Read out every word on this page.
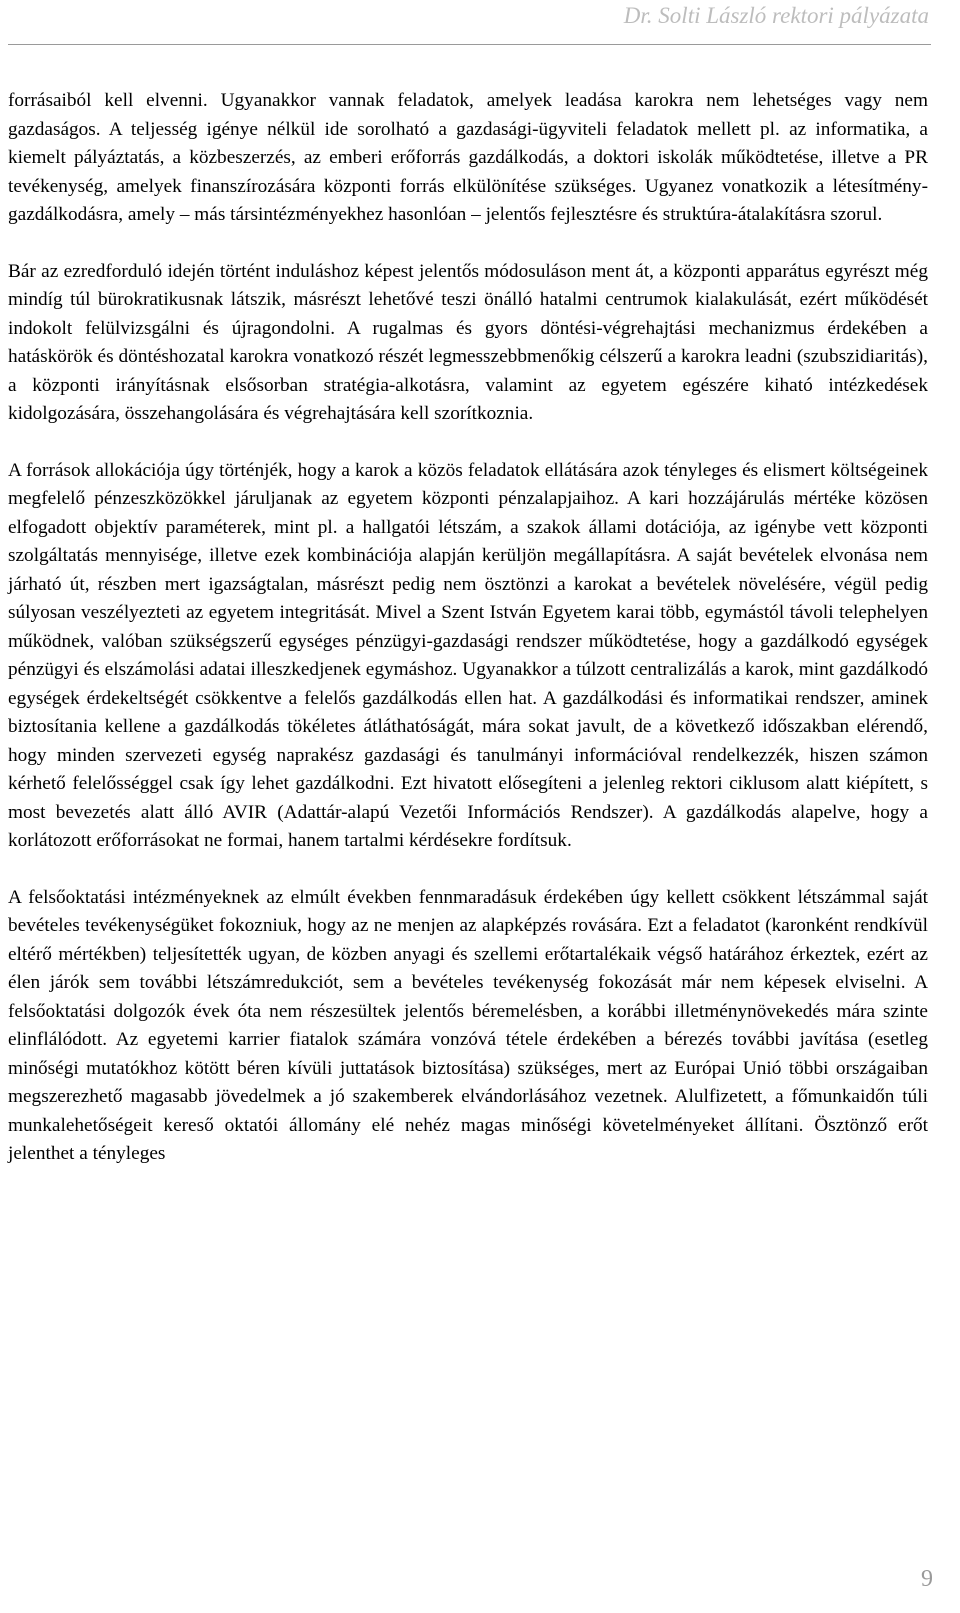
Dr. Solti László rektori pályázata

forrásaiból kell elvenni. Ugyanakkor vannak feladatok, amelyek leadása karokra nem lehetséges vagy nem gazdaságos. A teljesség igénye nélkül ide sorolható a gazdasági-ügyviteli feladatok mellett pl. az informatika, a kiemelt pályáztatás, a közbeszerzés, az emberi erőforrás gazdálkodás, a doktori iskolák működtetése, illetve a PR tevékenység, amelyek finanszírozására központi forrás elkülönítése szükséges. Ugyanez vonatkozik a létesítmény-gazdálkodásra, amely – más társintézményekhez hasonlóan – jelentős fejlesztésre és struktúra-átalakításra szorul.

Bár az ezredforduló idején történt induláshoz képest jelentős módosuláson ment át, a központi apparátus egyrészt még mindíg túl bürokratikusnak látszik, másrészt lehetővé teszi önálló hatalmi centrumok kialakulását, ezért működését indokolt felülvizsgálni és újragondolni. A rugalmas és gyors döntési-végrehajtási mechanizmus érdekében a hatáskörök és döntéshozatal karokra vonatkozó részét legmesszebbmenőkig célszerű a karokra leadni (szubszidiaritás), a központi irányításnak elsősorban stratégia-alkotásra, valamint az egyetem egészére kiható intézkedések kidolgozására, összehangolására és végrehajtására kell szorítkoznia.

A források allokációja úgy történjék, hogy a karok a közös feladatok ellátására azok tényleges és elismert költségeinek megfelelő pénzeszközökkel járuljanak az egyetem központi pénzalapjaihoz. A kari hozzájárulás mértéke közösen elfogadott objektív paraméterek, mint pl. a hallgatói létszám, a szakok állami dotációja, az igénybe vett központi szolgáltatás mennyisége, illetve ezek kombinációja alapján kerüljön megállapításra. A saját bevételek elvonása nem járható út, részben mert igazságtalan, másrészt pedig nem ösztönzi a karokat a bevételek növelésére, végül pedig súlyosan veszélyezteti az egyetem integritását. Mivel a Szent István Egyetem karai több, egymástól távoli telephelyen működnek, valóban szükségszerű egységes pénzügyi-gazdasági rendszer működtetése, hogy a gazdálkodó egységek pénzügyi és elszámolási adatai illeszkedjenek egymáshoz. Ugyanakkor a túlzott centralizálás a karok, mint gazdálkodó egységek érdekeltségét csökkentve a felelős gazdálkodás ellen hat. A gazdálkodási és informatikai rendszer, aminek biztosítania kellene a gazdálkodás tökéletes átláthatóságát, mára sokat javult, de a következő időszakban elérendő, hogy minden szervezeti egység naprakész gazdasági és tanulmányi információval rendelkezzék, hiszen számon kérhető felelősséggel csak így lehet gazdálkodni. Ezt hivatott elősegíteni a jelenleg rektori ciklusom alatt kiépített, s most bevezetés alatt álló AVIR (Adattár-alapú Vezetői Információs Rendszer). A gazdálkodás alapelve, hogy a korlátozott erőforrásokat ne formai, hanem tartalmi kérdésekre fordítsuk.

A felsőoktatási intézményeknek az elmúlt években fennmaradásuk érdekében úgy kellett csökkent létszámmal saját bevételes tevékenységüket fokozniuk, hogy az ne menjen az alapképzés rovására. Ezt a feladatot (karonként rendkívül eltérő mértékben) teljesítették ugyan, de közben anyagi és szellemi erőtartalékaik végső határához érkeztek, ezért az élen járók sem további létszámredukciót, sem a bevételes tevékenység fokozását már nem képesek elviselni. A felsőoktatási dolgozók évek óta nem részesültek jelentős béremelésben, a korábbi illetménynövekedés mára szinte elinflálódott. Az egyetemi karrier fiatalok számára vonzóvá tétele érdekében a bérezés további javítása (esetleg minőségi mutatókhoz kötött béren kívüli juttatások biztosítása) szükséges, mert az Európai Unió többi országaiban megszerezhető magasabb jövedelmek a jó szakemberek elvándorlásához vezetnek. Alulfizetett, a főmunkaidőn túli munkalehetőségeit kereső oktatói állomány elé nehéz magas minőségi követelményeket állítani. Ösztönző erőt jelenthet a tényleges

9
